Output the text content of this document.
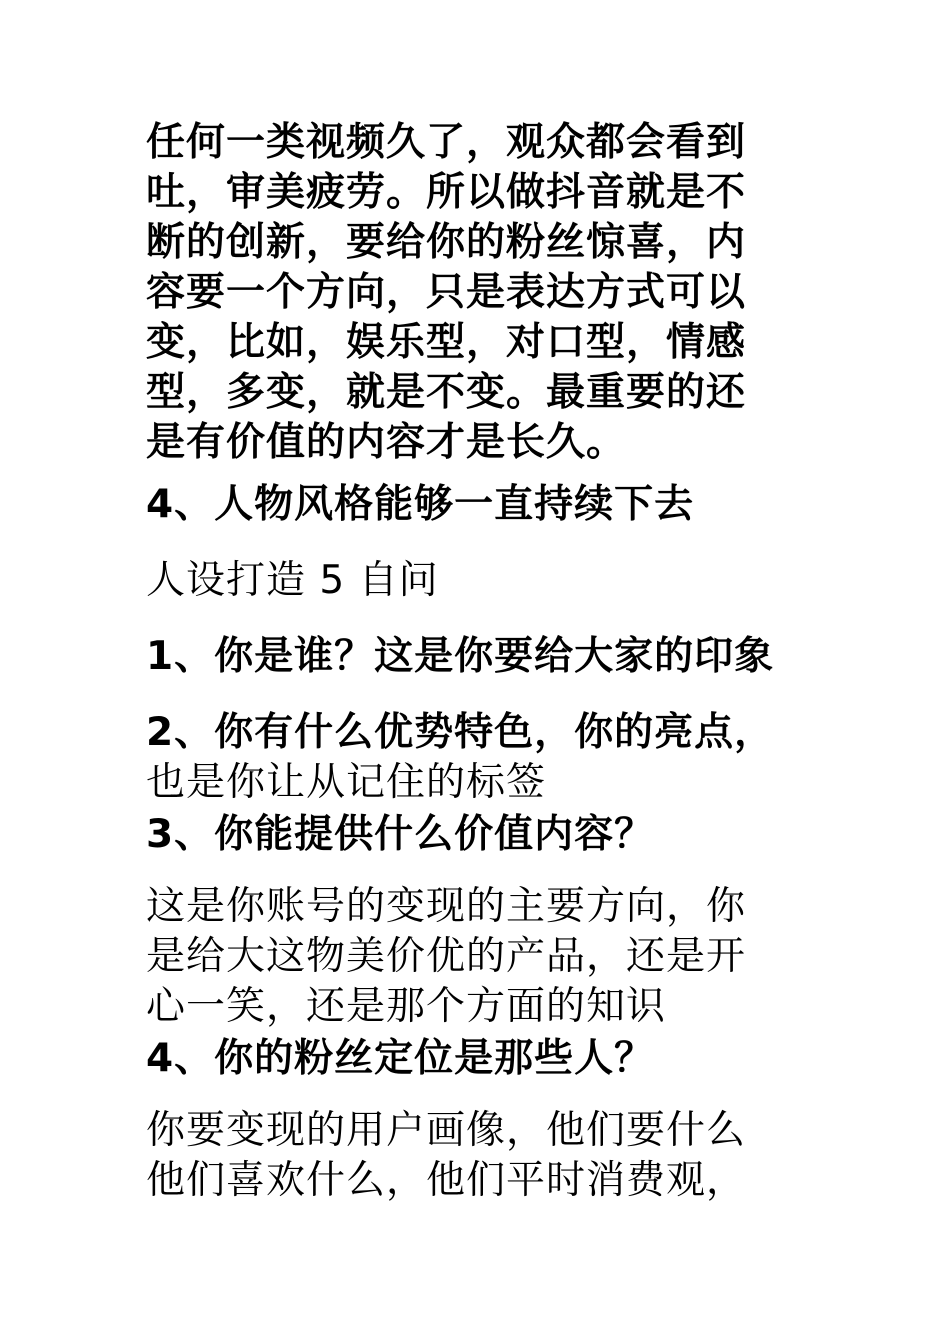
任何一类视频久了，观众都会看到
吐，审美疲劳。所以做抖音就是不
断的创新，要给你的粉丝惊喜，内
容要一个方向，只是表达方式可以
变，比如，娱乐型，对口型，情感
型，多变，就是不变。最重要的还
是有价值的内容才是长久。

4、人物风格能够一直持续下去

人设打造 5 自问

1、你是谁？这是你要给大家的印象

2、你有什么优势特色，你的亮点，

也是你让从记住的标签

3、你能提供什么价值内容？

这是你账号的变现的主要方向，你
是给大这物美价优的产品，还是开
心一笑，还是那个方面的知识

4、你的粉丝定位是那些人？

你要变现的用户画像，他们要什么
他们喜欢什么，他们平时消费观，
